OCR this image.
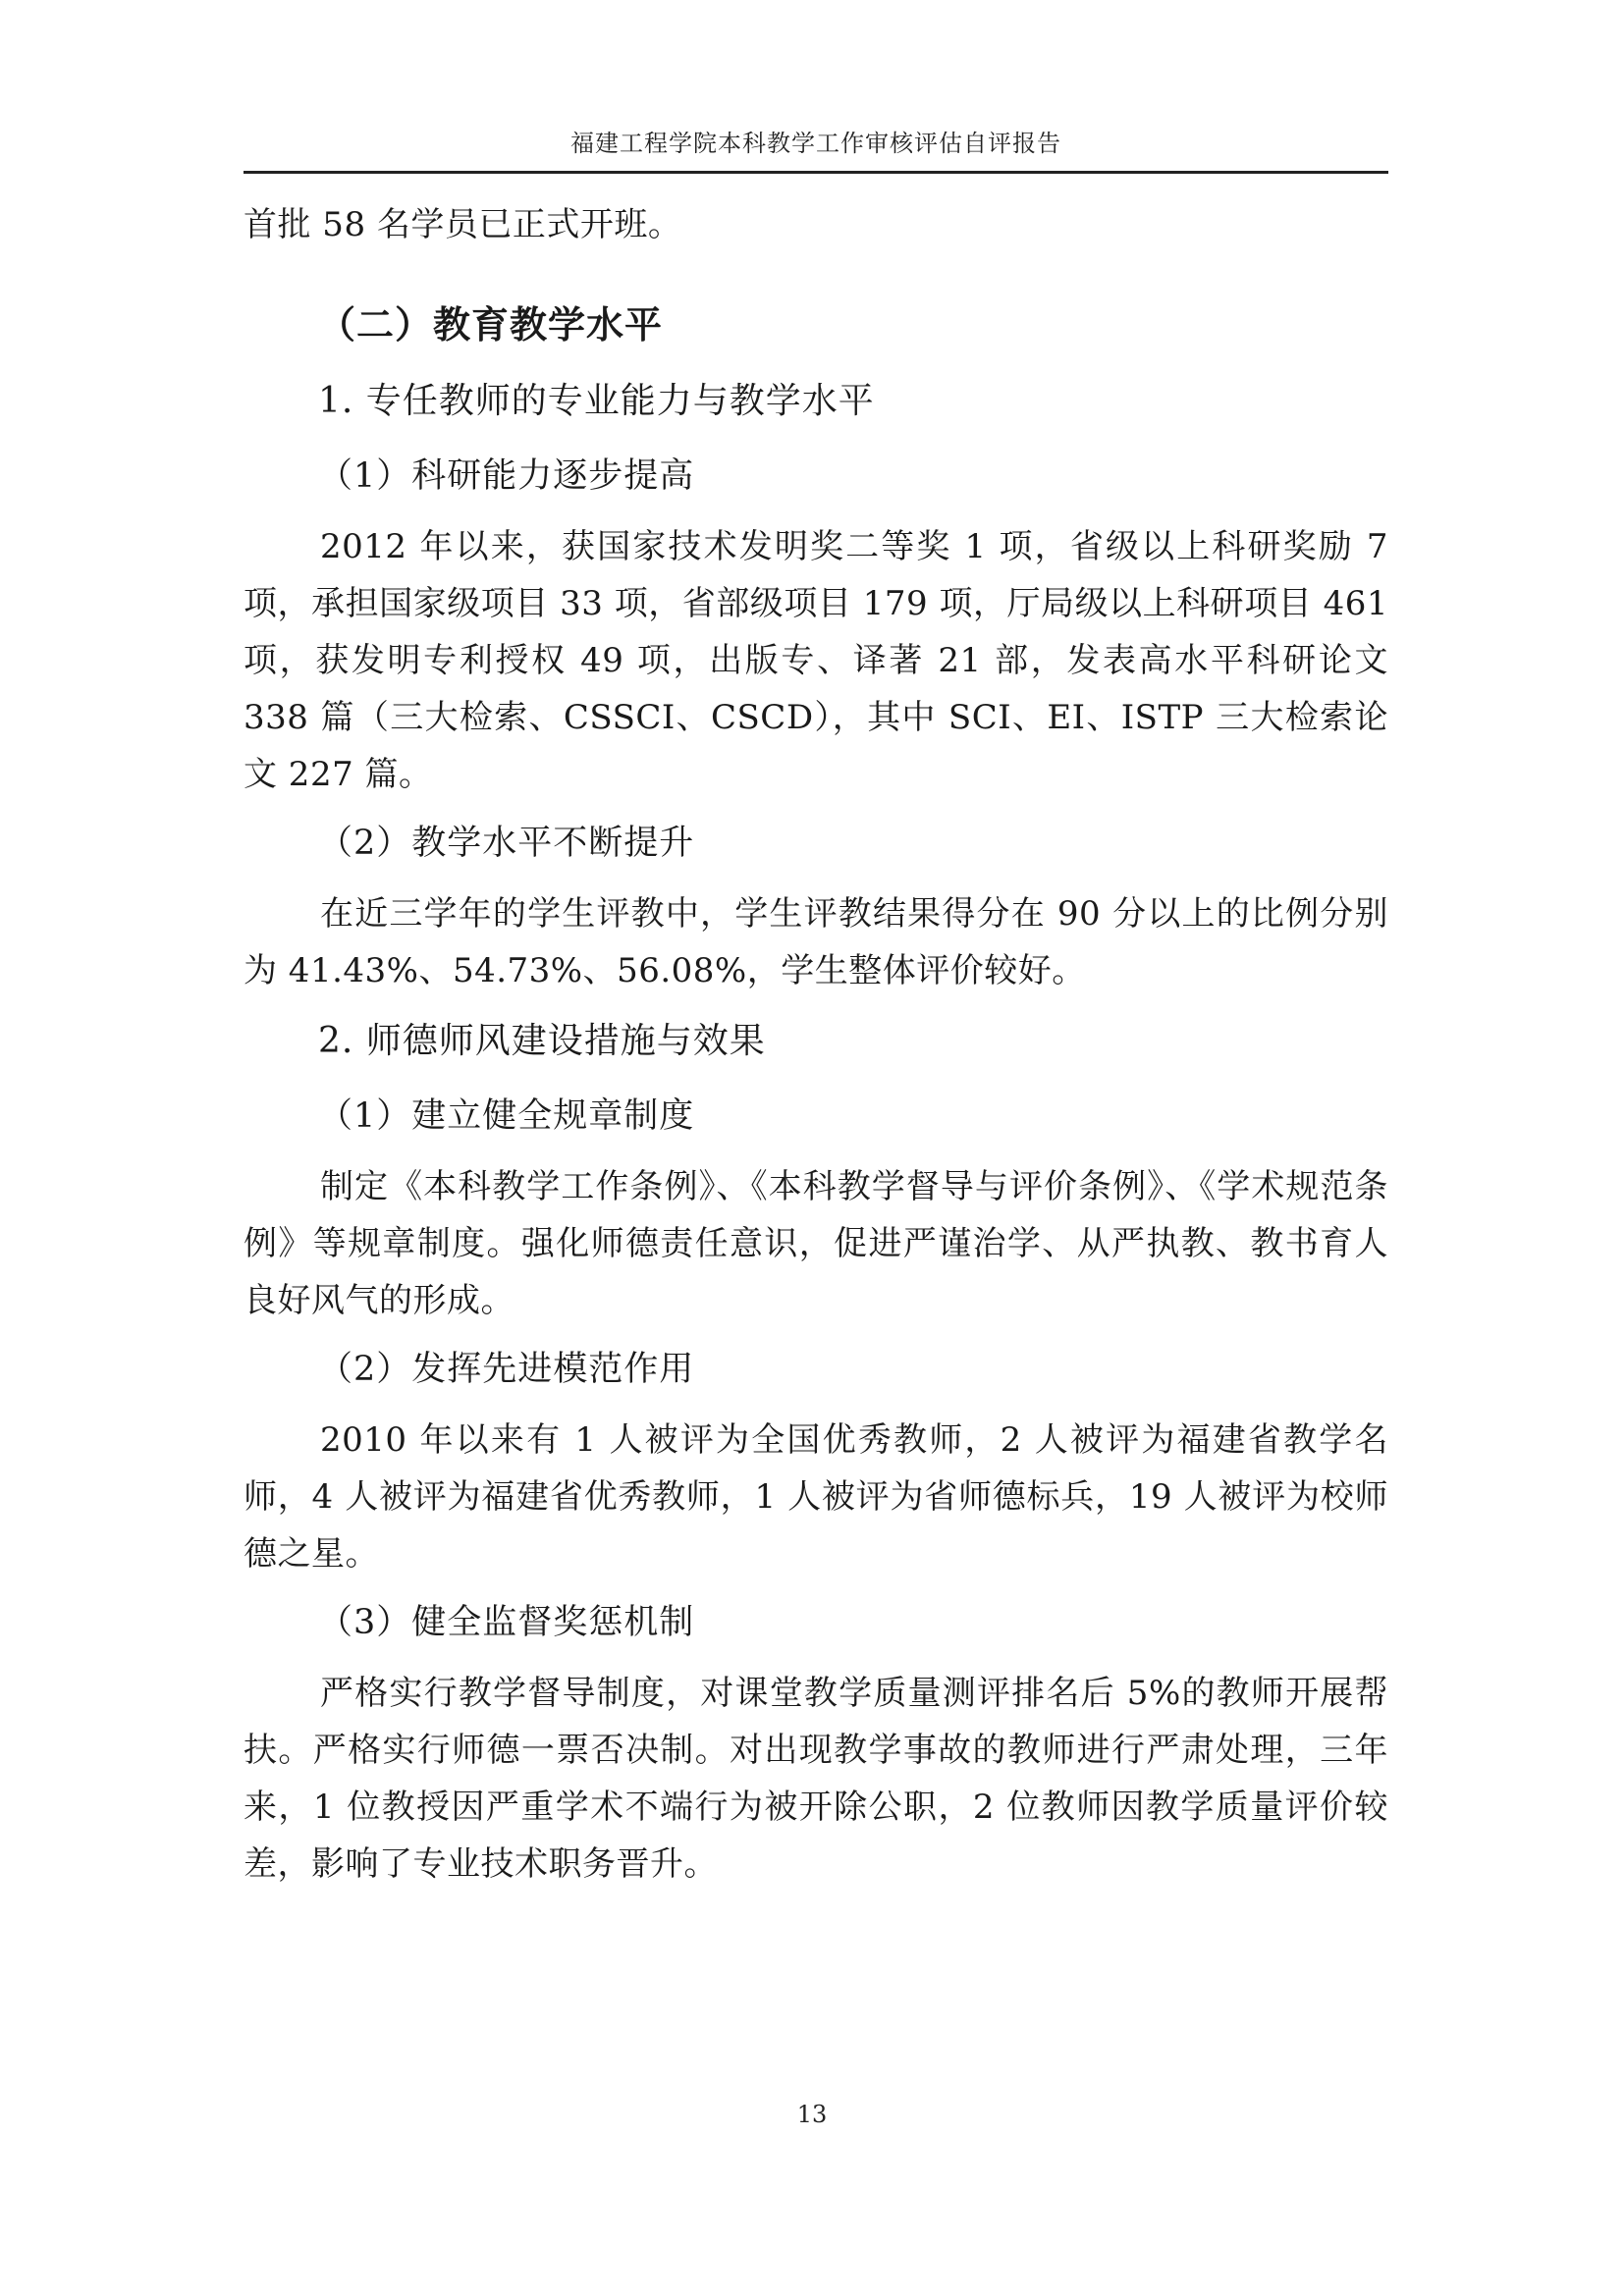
福建工程学院本科教学工作审核评估自评报告

首批 58 名学员已正式开班。

（二）教育教学水平
1. 专任教师的专业能力与教学水平
（1）科研能力逐步提高

2012 年以来，获国家技术发明奖二等奖 1 项，省级以上科研奖励 7 项，承担国家级项目 33 项，省部级项目 179 项，厅局级以上科研项目 461 项，获发明专利授权 49 项，出版专、译著 21 部，发表高水平科研论文 338 篇（三大检索、CSSCI、CSCD），其中 SCI、EI、ISTP 三大检索论文 227 篇。

（2）教学水平不断提升

在近三学年的学生评教中，学生评教结果得分在 90 分以上的比例分别为 41.43%、54.73%、56.08%，学生整体评价较好。

2. 师德师风建设措施与效果
（1）建立健全规章制度

制定《本科教学工作条例》、《本科教学督导与评价条例》、《学术规范条例》等规章制度。强化师德责任意识，促进严谨治学、从严执教、教书育人良好风气的形成。

（2）发挥先进模范作用

2010 年以来有 1 人被评为全国优秀教师，2 人被评为福建省教学名师，4 人被评为福建省优秀教师，1 人被评为省师德标兵，19 人被评为校师德之星。

（3）健全监督奖惩机制

严格实行教学督导制度，对课堂教学质量测评排名后 5%的教师开展帮扶。严格实行师德一票否决制。对出现教学事故的教师进行严肃处理，三年来，1 位教授因严重学术不端行为被开除公职，2 位教师因教学质量评价较差，影响了专业技术职务晋升。

13
